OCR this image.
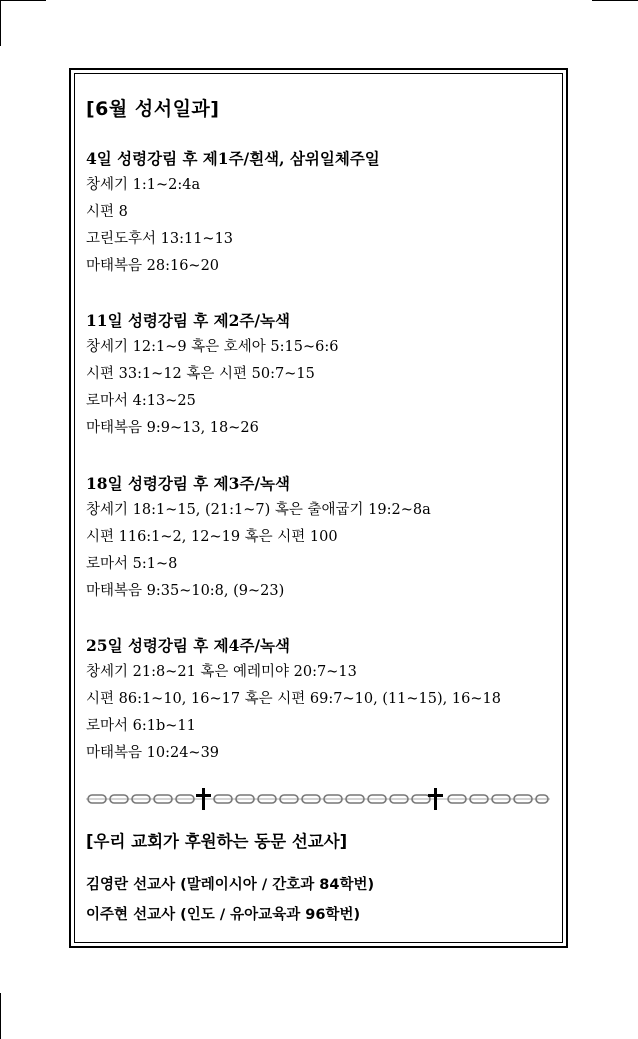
[6월 성서일과]
4일 성령강림 후 제1주/흰색, 삼위일체주일
창세기 1:1~2:4a
시편 8
고린도후서 13:11~13
마태복음 28:16~20
11일 성령강림 후 제2주/녹색
창세기 12:1~9 혹은 호세아 5:15~6:6
시편 33:1~12 혹은 시편 50:7~15
로마서 4:13~25
마태복음 9:9~13, 18~26
18일 성령강림 후 제3주/녹색
창세기 18:1~15, (21:1~7) 혹은 출애굽기 19:2~8a
시편 116:1~2, 12~19 혹은 시편 100
로마서 5:1~8
마태복음 9:35~10:8, (9~23)
25일 성령강림 후 제4주/녹색
창세기 21:8~21 혹은 예레미야 20:7~13
시편 86:1~10, 16~17 혹은 시편 69:7~10, (11~15), 16~18
로마서 6:1b~11
마태복음 10:24~39
[우리 교회가 후원하는 동문 선교사]
김영란 선교사 (말레이시아 / 간호과 84학번)
이주현 선교사 (인도 / 유아교육과 96학번)
